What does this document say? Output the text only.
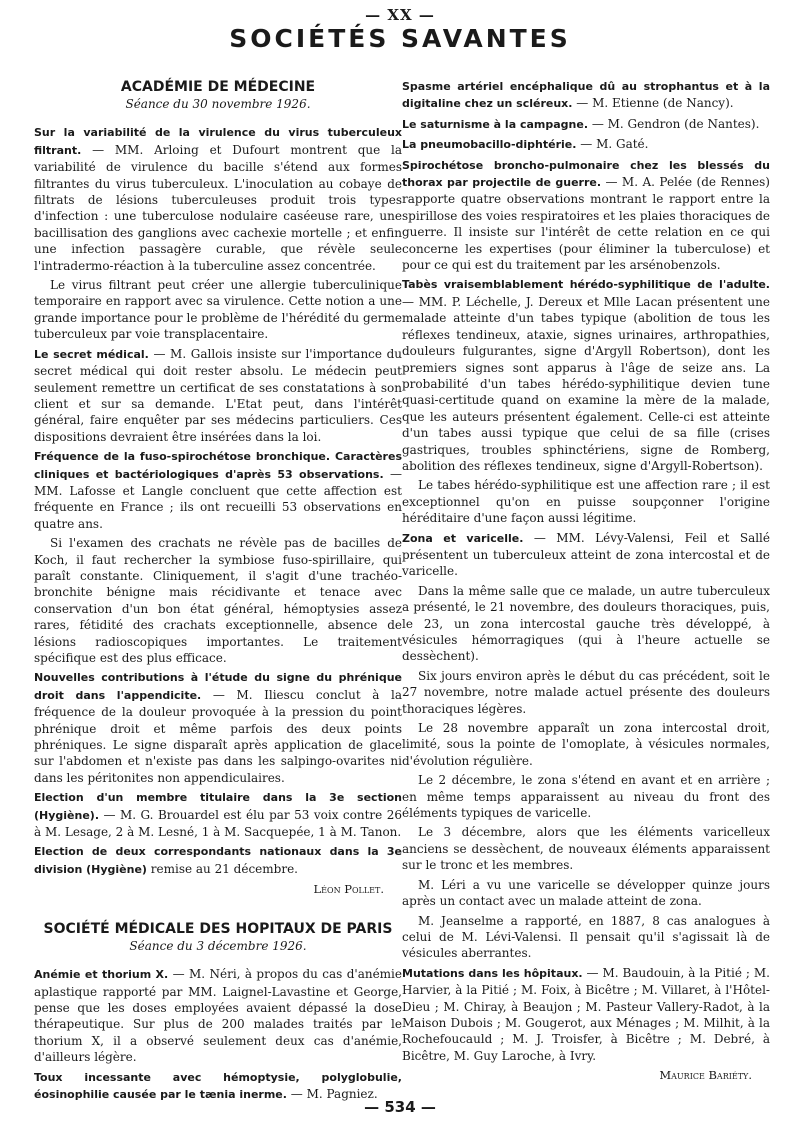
— XX —
SOCIÉTÉS SAVANTES
ACADÉMIE DE MÉDECINE
Séance du 30 novembre 1926.

Sur la variabilité de la virulence du virus tuberculeux filtrant. — MM. Arloing et Dufourt montrent que la variabilité de virulence du bacille s'étend aux formes filtrantes du virus tuberculeux. L'inoculation au cobaye de filtrats de lésions tuberculeuses produit trois types d'infection : une tuberculose nodulaire caséeuse rare, une bacillisation des ganglions avec cachexie mortelle ; et enfin une infection passagère curable, que révèle seule l'intradermo-réaction à la tuberculine assez concentrée.

Le virus filtrant peut créer une allergie tuberculinique temporaire en rapport avec sa virulence. Cette notion a une grande importance pour le problème de l'hérédité du germe tuberculeux par voie transplacentaire.

Le secret médical. — M. Gallois insiste sur l'importance du secret médical qui doit rester absolu. Le médecin peut seulement remettre un certificat de ses constatations à son client et sur sa demande. L'Etat peut, dans l'intérêt général, faire enquêter par ses médecins particuliers. Ces dispositions devraient être insérées dans la loi.

Fréquence de la fuso-spirochétose bronchique. Caractères cliniques et bactériologiques d'après 53 observations. — MM. Lafosse et Langle concluent que cette affection est fréquente en France ; ils ont recueilli 53 observations en quatre ans.

Si l'examen des crachats ne révèle pas de bacilles de Koch, il faut rechercher la symbiose fuso-spirillaire, qui paraît constante. Cliniquement, il s'agit d'une trachéo-bronchite bénigne mais récidivante et tenace avec conservation d'un bon état général, hémoptysies assez rares, fétidité des crachats exceptionnelle, absence de lésions radioscopiques importantes. Le traitement spécifique est des plus efficace.

Nouvelles contributions à l'étude du signe du phrénique droit dans l'appendicite. — M. Iliescu conclut à la fréquence de la douleur provoquée à la pression du point phrénique droit et même parfois des deux points phréniques. Le signe disparaît après application de glace sur l'abdomen et n'existe pas dans les salpingo-ovarites ni dans les péritonites non appendiculaires.

Election d'un membre titulaire dans la 3e section (Hygiène). — M. G. Brouardel est élu par 53 voix contre 26 à M. Lesage, 2 à M. Lesné, 1 à M. Sacquepée, 1 à M. Tanon.

Election de deux correspondants nationaux dans la 3e division (Hygiène) remise au 21 décembre.

Léon Pollet.
SOCIÉTÉ MÉDICALE DES HOPITAUX DE PARIS
Séance du 3 décembre 1926.

Anémie et thorium X. — M. Néri, à propos du cas d'anémie aplastique rapporté par MM. Laignel-Lavastine et George, pense que les doses employées avaient dépassé la dose thérapeutique. Sur plus de 200 malades traités par le thorium X, il a observé seulement deux cas d'anémie, d'ailleurs légère.

Toux incessante avec hémoptysie, polyglobulie, éosinophilie causée par le tænia inerme. — M. Pagniez.

Spasme artériel encéphalique dû au strophantus et à la digitaline chez un scléreux. — M. Etienne (de Nancy).

Le saturnisme à la campagne. — M. Gendron (de Nantes).

La pneumobacillo-diphtérie. — M. Gaté.

Spirochétose broncho-pulmonaire chez les blessés du thorax par projectile de guerre. — M. A. Pelée (de Rennes) rapporte quatre observations montrant le rapport entre la spirillose des voies respiratoires et les plaies thoraciques de guerre. Il insiste sur l'intérêt de cette relation en ce qui concerne les expertises (pour éliminer la tuberculose) et pour ce qui est du traitement par les arsénobenzols.

Tabès vraisemblablement hérédo-syphilitique de l'adulte. — MM. P. Léchelle, J. Dereux et Mlle Lacan présentent une malade atteinte d'un tabes typique (abolition de tous les réflexes tendineux, ataxie, signes urinaires, arthropathies, douleurs fulgurantes, signe d'Argyll Robertson), dont les premiers signes sont apparus à l'âge de seize ans. La probabilité d'un tabes hérédo-syphilitique devien tune quasi-certitude quand on examine la mère de la malade, que les auteurs présentent également. Celle-ci est atteinte d'un tabes aussi typique que celui de sa fille (crises gastriques, troubles sphinctériens, signe de Romberg, abolition des réflexes tendineux, signe d'Argyll-Robertson).

Le tabes hérédo-syphilitique est une affection rare ; il est exceptionnel qu'on en puisse soupçonner l'origine héréditaire d'une façon aussi légitime.

Zona et varicelle. — MM. Lévy-Valensi, Feil et Sallé présentent un tuberculeux atteint de zona intercostal et de varicelle.

Dans la même salle que ce malade, un autre tuberculeux a présenté, le 21 novembre, des douleurs thoraciques, puis, le 23, un zona intercostal gauche très développé, à vésicules hémorragiques (qui à l'heure actuelle se dessèchent).

Six jours environ après le début du cas précédent, soit le 27 novembre, notre malade actuel présente des douleurs thoraciques légères.

Le 28 novembre apparaît un zona intercostal droit, limité, sous la pointe de l'omoplate, à vésicules normales, d'évolution régulière.

Le 2 décembre, le zona s'étend en avant et en arrière ; en même temps apparaissent au niveau du front des éléments typiques de varicelle.

Le 3 décembre, alors que les éléments varicelleux anciens se dessèchent, de nouveaux éléments apparaissent sur le tronc et les membres.

M. Léri a vu une varicelle se développer quinze jours après un contact avec un malade atteint de zona.

M. Jeanselme a rapporté, en 1887, 8 cas analogues à celui de M. Lévi-Valensi. Il pensait qu'il s'agissait là de vésicules aberrantes.

Mutations dans les hôpitaux. — M. Baudouin, à la Pitié ; M. Harvier, à la Pitié ; M. Foix, à Bicêtre ; M. Villaret, à l'Hôtel-Dieu ; M. Chiray, à Beaujon ; M. Pasteur Vallery-Radot, à la Maison Dubois ; M. Gougerot, aux Ménages ; M. Milhit, à la Rochefoucauld ; M. J. Troisfer, à Bicêtre ; M. Debré, à Bicêtre, M. Guy Laroche, à Ivry.

Maurice Bariéty.
— 534 —
